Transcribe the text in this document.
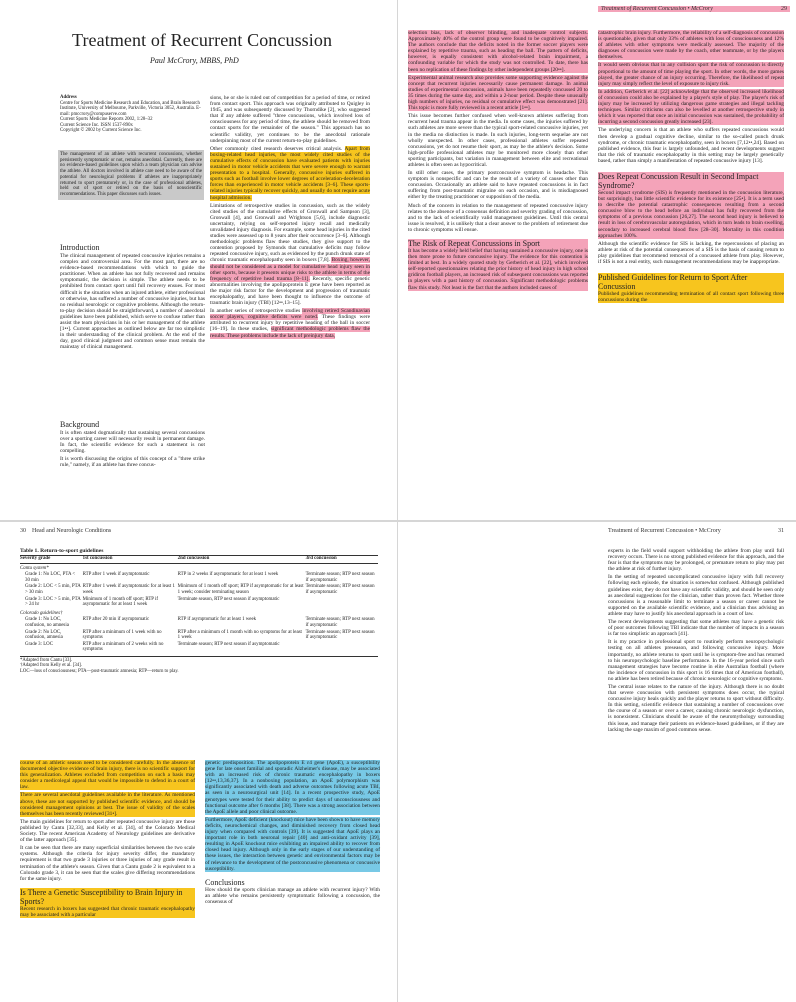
Treatment of Recurrent Concussion
Paul McCrory, MBBS, PhD
Address
Centre for Sports Medicine Research and Education, and Brain Research Institute, University of Melbourne, Parkville, Victoria 3052, Australia. E-mail: pmccrory@compuserve.com
Current Sports Medicine Reports 2002, 1:28–32
Current Science Inc. ISSN 1537-890x
Copyright © 2002 by Current Science Inc.
The management of an athlete with recurrent concussions, whether persistently symptomatic or not, remains anecdotal. Currently, there are no evidence-based guidelines upon which a team physician can advise the athlete. All doctors involved in athlete care need to be aware of the potential for neurological problems if athletes are inappropriately returned to sport prematurely or, in the case of professional athletes, held out of sport or retired on the basis of nonscientific recommendations. This paper discusses such issues.
Introduction

The clinical management of repeated concussive injuries remains a complex and controversial area. For the most part, there are no evidence-based recommendations with which to guide the practitioner. When an athlete has not fully recovered and remains symptomatic, the decision is simple. The athlete needs to be prohibited from contact sport until full recovery ensues. For most difficult is the situation when an injured athlete, either professional or otherwise, has suffered a number of concussive injuries, but has no residual neurologic or cognitive problems. Although the return-to-play decision should be straightforward, a number of anecdotal guidelines have been published, which serve to confuse rather than assist the team physicians in his or her management of the athlete [1••]. Current approaches as outlined below are far too simplistic in their understanding of the clinical problem. At the end of the day, good clinical judgment and common sense must remain the mainstay of clinical management.

Background

It is often stated dogmatically that sustaining several concussions over a sporting career will necessarily result in permanent damage. In fact, the scientific evidence for such a statement is not compelling.

It is worth discussing the origins of this concept of a "three strike rule," namely, if an athlete has three concus-

sions, he or she is ruled out of competition for a period of time, or retired from contact sport. This approach was originally attributed to Quigley in 1945, and was subsequently discussed by Thorndike [2], who suggested that if any athlete suffered "three concussions, which involved loss of consciousness for any period of time, the athlete should be removed from contact sports for the remainder of the season." This approach has no scientific validity, yet continues to be the anecdotal rationale underpinning most of the current return-to-play guidelines.

Other commonly cited research deserves critical analysis. Apart from boxing-related head injuries, the most widely cited studies of the cumulative effects of concussion have evaluated patients with injuries sustained in motor vehicle accidents that were severe enough to warrant presentation to a hospital. Generally, concussive injuries suffered in sports such as football involve lower degrees of acceleration-deceleration forces than experienced in motor vehicle accidents [3–6]. These sports-related injuries typically recover quickly, and usually do not require acute hospital admission.

Limitations of retrospective studies in concussion, such as the widely cited studies of the cumulative effects of Gronwall and Sampson [3], Gronwall [4], and Gronwall and Wrightson [5,6], include diagnostic uncertainty, relying on self-reported injury recall and medically unvalidated injury diagnosis. For example, some head injuries in the cited studies were assessed up to 8 years after their occurrence [3–6]. Although methodologic problems flaw these studies, they give support to the contention proposed by Symonds that cumulative deficits may follow repeated concussive injury, such as evidenced by the punch drunk state of chronic traumatic encephalopathy seen in boxers [7,8]. Boxing, however, should not be considered as a model for cumulative head injury seen in other sports, because it presents unique risks to the athlete in terms of the frequency of repetitive head trauma [8–11]. Recently, specific genetic abnormalities involving the apolipoprotein E gene have been reported as the major risk factor for the development and progression of traumatic encephalopathy, and have been thought to influence the outcome of traumatic brain injury (TBI) [12••,13–15].

In another series of retrospective studies involving retired Scandinavian soccer players, cognitive deficits were noted. These findings were attributed to recurrent injury by repetitive heading of the ball in soccer [16–19]. In these studies, significant methodologic problems flaw the results. These problems include the lack of preinjury data,

Treatment of Recurrent Concussion • McCrory	29

selection bias, lack of observer blinding, and inadequate control subjects. Approximately 40% of the control group were found to be cognitively impaired. The authors conclude that the deficits noted in the former soccer players were explained by repetitive trauma, such as heading the ball. The pattern of deficits, however, is equally consistent with alcohol-related brain impairment, a confounding variable for which the study was not controlled. To date, there has been no replication of these findings by other independent groups [20••].

Experimental animal research also provides some supporting evidence against the concept that recurrent injuries necessarily cause permanent damage. In animal studies of experimental concussion, animals have been repeatedly concussed 20 to 35 times during the same day, and within a 2-hour period. Despite these unusually high numbers of injuries, no residual or cumulative effect was demonstrated [21]. This topic is more fully reviewed in a recent article [1••].

This issue becomes further confused when well-known athletes suffering from recurrent head trauma appear in the media. In some cases, the injuries suffered by such athletes are more severe than the typical sport-related concussive injuries, yet in the media no distinction is made. In such injuries, long-term sequelae are not wholly unexpected. In other cases, professional athletes suffer repeated concussions, yet do not resume their sport, as may be the athlete's decision. Some high-profile professional athletes may be monitored more closely than other sporting participants, but variation in management between elite and recreational athletes is often seen as hypocritical.

In still other cases, the primary postconcussive symptom is headache. This symptom is nonspecific and can be the result of a variety of causes other than concussion. Occasionally an athlete said to have repeated concussions is in fact suffering from post-traumatic migraine on each occasion, and is misdiagnosed either by the treating practitioner or supposition of the media.

Much of the concern in relation to the management of repeated concussive injury relates to the absence of a consensus definition and severity grading of concussion, and to the lack of scientifically valid management guidelines. Until this central issue is resolved, it is unlikely that a clear answer to the problem of retirement due to chronic symptoms will ensue.

The Risk of Repeat Concussions in Sport

It has become a widely held belief that having sustained a concussive injury, one is then more prone to future concussive injury. The evidence for this contention is limited at best. In a widely quoted study by Gerberich et al. [22], which involved self-reported questionnaires relating the prior history of head injury in high school gridiron football players, an increased risk of subsequent concussions was reported in players with a past history of concussion. Significant methodologic problems flaw this study. Not least is the fact that the authors included cases of

catastrophic brain injury. Furthermore, the reliability of a self-diagnosis of concussion is questionable, given that only 33% of athletes with loss of consciousness and 12% of athletes with other symptoms were medically assessed. The majority of the diagnoses of concussion were made by the coach, other teammate, or by the players themselves.

It would seem obvious that in any collision sport the risk of concussion is directly proportional to the amount of time playing the sport. In other words, the more games played, the greater chance of an injury occurring. Therefore, the likelihood of repeat injury may simply reflect the level of exposure to injury risk.

In addition, Gerberich et al. [22] acknowledge that the observed increased likelihood of concussion could also be explained by a player's style of play. The player's risk of injury may be increased by utilizing dangerous game strategies and illegal tackling techniques. Similar criticisms can also be levelled at another retrospective study in which it was reported that once an initial concussion was sustained, the probability of incurring a second concussion greatly increased [23].

The underlying concern is that an athlete who suffers repeated concussions would then develop a gradual cognitive decline, similar to the so-called punch drunk syndrome, or chronic traumatic encephalopathy, seen in boxers [7,12••,24]. Based on published evidence, this fear is largely unfounded, and recent developments suggest that the risk of traumatic encephalopathy in this setting may be largely genetically based, rather than simply a manifestation of repeated concussive injury [13].

Does Repeat Concussion Result in Second Impact Syndrome?

Second impact syndrome (SIS) is frequently mentioned in the concussion literature, but surprisingly, has little scientific evidence for its existence [25•]. It is a term used to describe the potential catastrophic consequences resulting from a second concussive blow to the head before an individual has fully recovered from the symptoms of a previous concussion [26,27]. The second head injury is believed to result in loss of cerebrovascular autoregulation, which in turn leads to brain swelling, secondary to increased cerebral blood flow [28–30]. Mortality in this condition approaches 100%.

Although the scientific evidence for SIS is lacking, the repercussions of placing an athlete at risk of the potential consequences of a SIS is the basis of causing return to play guidelines that recommend removal of a concussed athlete from play. However, if SIS is not a real entity, such management recommendations may be inappropriate.

Published Guidelines for Return to Sport After Concussion

Published guidelines recommending termination of all contact sport following three concussions during the

30 Head and Neurologic Conditions
Table 1. Return-to-sport guidelines
Severity grade	1st concussion	2nd concussion	3rd concussion
Cantu system*			
Grade 1: No LOC, PTA < 30 min	RTP after 1 week if asymptomatic	RTP in 2 weeks if asymptomatic for at least 1 week	Terminate season; RTP next season if asymptomatic
Grade 2: LOC < 5 min, PTA > 30 min	RTP after 1 week if asymptomatic for at least 1 week	Minimum of 1 month off sport; RTP if asymptomatic for at least 1 week; consider terminating season	Terminate season; RTP next season if asymptomatic
Grade 3: LOC > 5 min, PTA > 24 hr	Minimum of 1 month off sport; RTP if asymptomatic for at least 1 week	Terminate season, RTP next season if asymptomatic	
Colorado guidelines†			
Grade 1: No LOC, confusion, no amnesia	RTP after 20 min if asymptomatic	RTP if asymptomatic for at least 1 week	Terminate season; RTP next season if asymptomatic
Grade 2: No LOC, confusion, amnesia	RTP after a minimum of 1 week with no symptoms	RTP after a minimum of 1 month with no symptoms for at least 1 week	Terminate season; RTP next season if asymptomatic
Grade 3: LOC	RTP after a minimum of 2 weeks with no symptoms	Terminate season; RTP next season if asymptomatic	
*Adapted from Cantu [33].
†Adapted from Kelly et al. [34].
LOC—loss of consciousness; PTA—post-traumatic amnesia; RTP—return to play.

course of an athletic season need to be considered carefully. In the absence of documented objective evidence of brain injury, there is no scientific support for this generalization. Athletes excluded from competition on such a basis may consider a medicolegal appeal that would be impossible to defend in a court of law.

There are several anecdotal guidelines available in the literature. As mentioned above, these are not supported by published scientific evidence, and should be considered management opinions at best. The issue of validity of the scales themselves has been recently reviewed [31•].

The main guidelines for return to sport after repeated concussive injury are those published by Cantu [32,33], and Kelly et al. [34], of the Colorado Medical Society. The recent American Academy of Neurology guidelines are derivative of the latter approach [35].

It can be seen that there are many superficial similarities between the two scale systems. Although the criteria for injury severity differ, the mandatory requirement is that two grade 3 injuries or three injuries of any grade result in termination of the athlete's season. Given that a Cantu grade 2 is equivalent to a Colorado grade 3, it can be seen that the scales give differing recommendations for the same injury.

Is There a Genetic Susceptibility to Brain Injury in Sports?

Recent research in boxers has suggested that chronic traumatic encephalopathy may be associated with a particular

genetic predisposition. The apolipoprotein E ε4 gene (ApoE), a susceptibility gene for late onset familial and sporadic Alzheimer's disease, may be associated with an increased risk of chronic traumatic encephalopathy in boxers [12••,13,36,37]. In a nonboxing population, an ApoE polymorphism was significantly associated with death and adverse outcomes following acute TBI, as seen in a neurosurgical unit [14]. In a recent prospective study, ApoE genotypes were tested for their ability to predict days of unconsciousness and functional outcome after 6 months [38]. There was a strong association between the ApoE allele and poor clinical outcome.

Furthermore, ApoE deficient (knockout) mice have been shown to have memory deficits, neurochemical changes, and diminished recovery from closed head injury when compared with controls [39]. It is suggested that ApoE plays an important role in both neuronal repair [40] and anti-oxidant activity [39], resulting in ApoE knockout mice exhibiting an impaired ability to recover from closed head injury. Although only in the early stages of our understanding of these issues, the interaction between genetic and environmental factors may be of relevance to the development of the postconcussive phenomena or concussive susceptibility.

Conclusions

How should the sports clinician manage an athlete with recurrent injury? With an athlete who remains persistently symptomatic following a concussion, the consensus of

Treatment of Recurrent Concussion • McCrory	31

experts in the field would support withholding the athlete from play until full recovery occurs. There is no strong published evidence for this approach, and the fear is that the symptoms may be prolonged, or premature return to play may put the athlete at risk of further injury.

In the setting of repeated uncomplicated concussive injury with full recovery following each episode, the situation is somewhat confused. Although published guidelines exist, they do not have any scientific validity, and should be seen only as anecdotal suggestions for the clinician, rather than proven fact. Whether three concussions is a reasonable limit to terminate a season or career cannot be supported on the available scientific evidence, and a clinician thus advising an athlete may have to justify his anecdotal approach in a court of law.

The recent developments suggesting that some athletes may have a genetic risk of poor outcomes following TBI indicate that the number of impacts in a season is far too simplistic an approach [41].

It is my practice in professional sport to routinely perform neuropsychologic testing on all athletes preseason, and following concussive injury. More importantly, no athlete returns to sport until he is symptom-free and has returned to his neuropsychologic baseline performance. In the 16-year period since such management strategies have become routine in elite Australian football (where the incidence of concussion in this sport is 16 times that of American football), no athlete has been retired because of chronic neurologic or cognitive symptoms.

The central issue relates to the nature of the injury. Although there is no doubt that severe concussion with persistent symptoms does occur, the typical concussive injury heals quickly and the player returns to sport without difficulty. In this setting, scientific evidence that sustaining a number of concussions over the course of a season or over a career, causing chronic neurologic dysfunction, is nonexistent. Clinicians should be aware of the neuromythology surrounding this issue, and manage their patients on evidence-based guidelines, or if they are lacking the sage maxim of good common sense.
